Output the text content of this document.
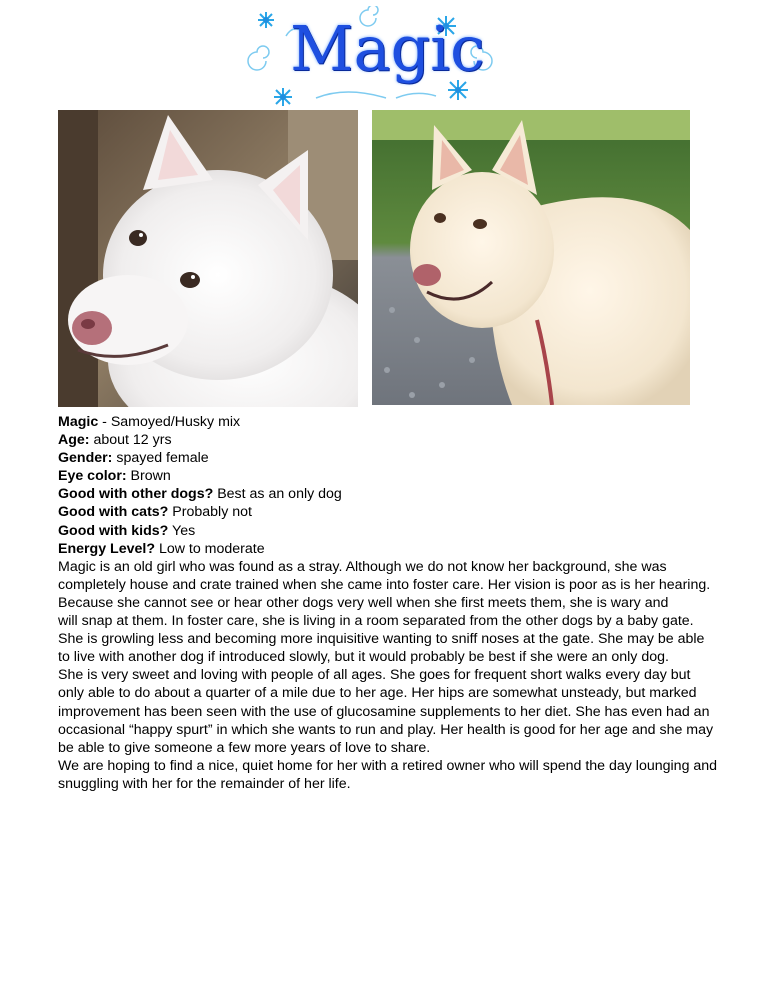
Magic
Magic - Samoyed/Husky mix
Age: about 12 yrs
Gender: spayed female
Eye color: Brown
Good with other dogs? Best as an only dog
Good with cats? Probably not
Good with kids? Yes
Energy Level? Low to moderate
Magic is an old girl who was found as a stray. Although we do not know her background, she was
completely house and crate trained when she came into foster care. Her vision is poor as is her hearing.
Because she cannot see or hear other dogs very well when she first meets them, she is wary and
will snap at them. In foster care, she is living in a room separated from the other dogs by a baby gate.
She is growling less and becoming more inquisitive wanting to sniff noses at the gate. She may be able
to live with another dog if introduced slowly, but it would probably be best if she were an only dog.
She is very sweet and loving with people of all ages. She goes for frequent short walks every day but
only able to do about a quarter of a mile due to her age. Her hips are somewhat unsteady, but marked
improvement has been seen with the use of glucosamine supplements to her diet. She has even had an
occasional “happy spurt” in which she wants to run and play. Her health is good for her age and she may
be able to give someone a few more years of love to share.
We are hoping to find a nice, quiet home for her with a retired owner who will spend the day lounging and
snuggling with her for the remainder of her life.
